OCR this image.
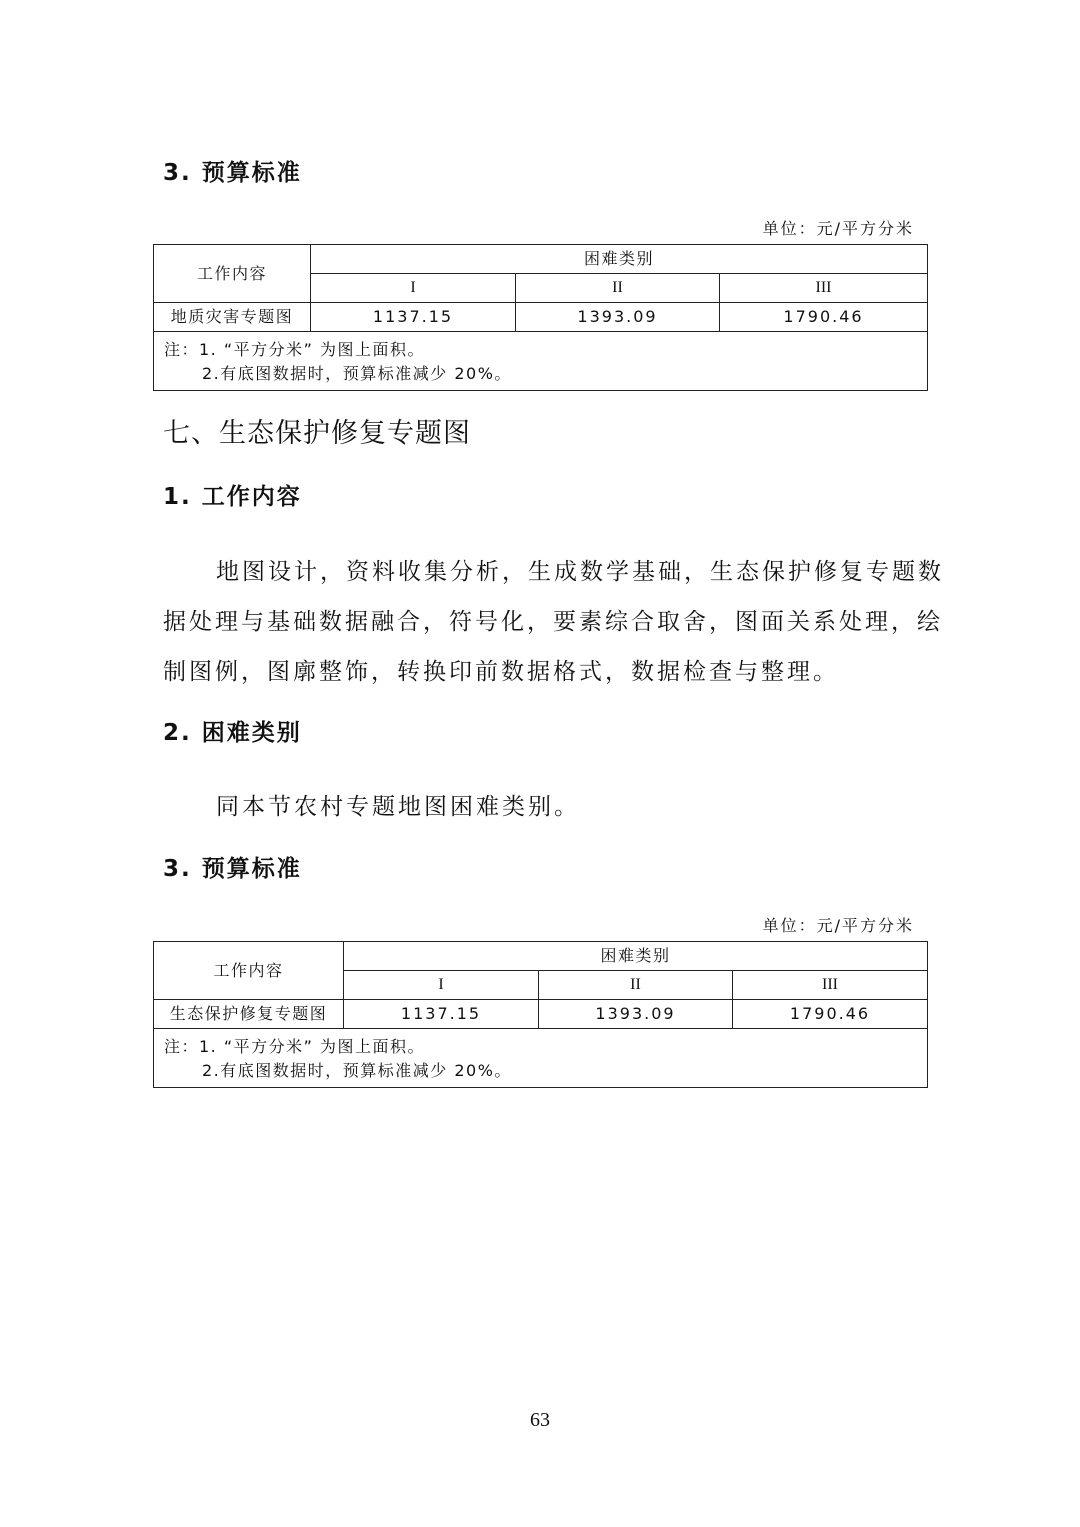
3. 预算标准
单位：元/平方分米
工作内容	困难类别		
	I	II	III
地质灾害专题图	1137.15	1393.09	1790.46
注：1. “平方分米” 为图上面积。
2.有底图数据时，预算标准减少 20%。			
七、生态保护修复专题图
1. 工作内容
地图设计，资料收集分析，生成数学基础，生态保护修复专题数
据处理与基础数据融合，符号化，要素综合取舍，图面关系处理，绘
制图例，图廓整饰，转换印前数据格式，数据检查与整理。
2. 困难类别
同本节农村专题地图困难类别。
3. 预算标准
单位：元/平方分米
工作内容	困难类别		
	I	II	III
生态保护修复专题图	1137.15	1393.09	1790.46
注：1. “平方分米” 为图上面积。
2.有底图数据时，预算标准减少 20%。			
63
